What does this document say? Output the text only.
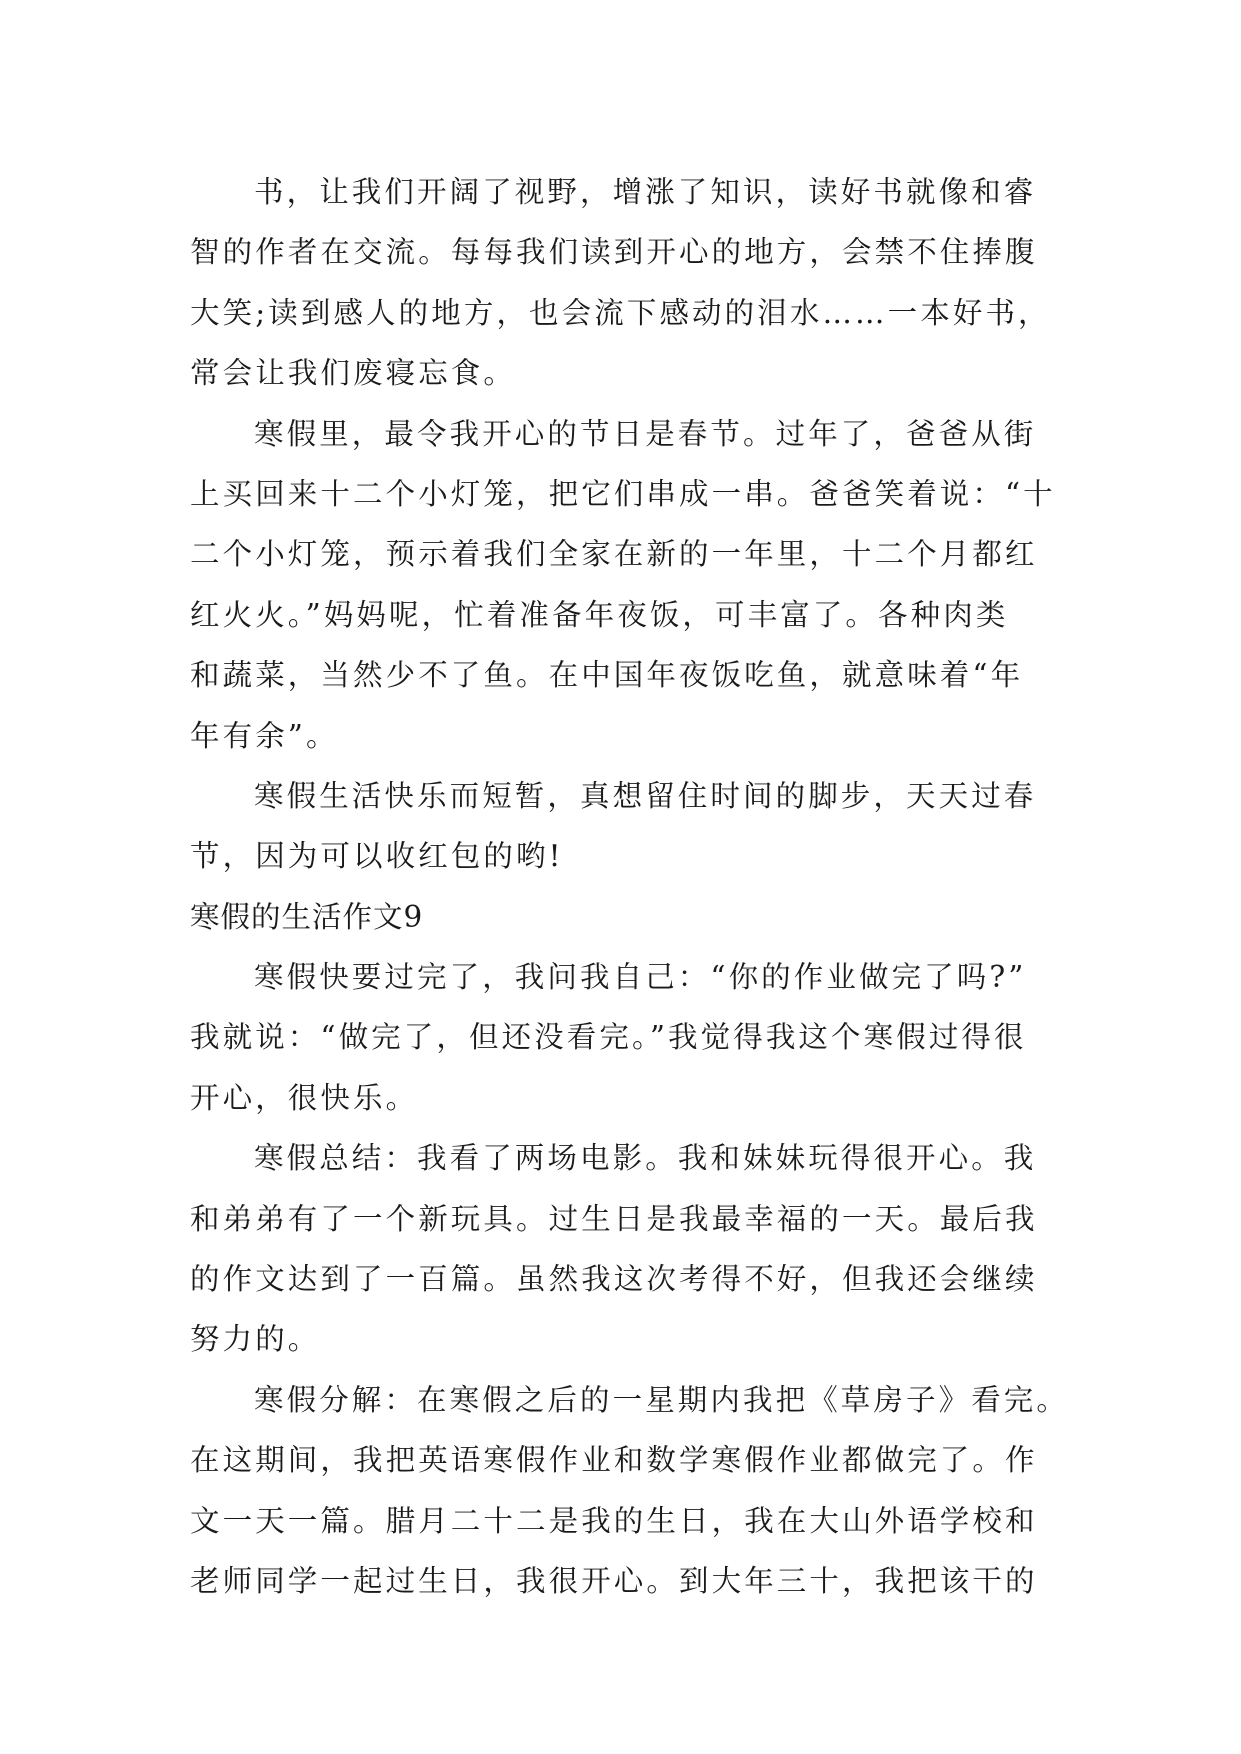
书，让我们开阔了视野，增涨了知识，读好书就像和睿
智的作者在交流。每每我们读到开心的地方，会禁不住捧腹
大笑;读到感人的地方，也会流下感动的泪水……一本好书，
常会让我们废寝忘食。
寒假里，最令我开心的节日是春节。过年了，爸爸从街
上买回来十二个小灯笼，把它们串成一串。爸爸笑着说：“十
二个小灯笼，预示着我们全家在新的一年里，十二个月都红
红火火。”妈妈呢，忙着准备年夜饭，可丰富了。各种肉类
和蔬菜，当然少不了鱼。在中国年夜饭吃鱼，就意味着“年
年有余”。
寒假生活快乐而短暂，真想留住时间的脚步，天天过春
节，因为可以收红包的哟!
寒假的生活作文9
寒假快要过完了，我问我自己：“你的作业做完了吗?”
我就说：“做完了，但还没看完。”我觉得我这个寒假过得很
开心，很快乐。
寒假总结：我看了两场电影。我和妹妹玩得很开心。我
和弟弟有了一个新玩具。过生日是我最幸福的一天。最后我
的作文达到了一百篇。虽然我这次考得不好，但我还会继续
努力的。
寒假分解：在寒假之后的一星期内我把《草房子》看完。
在这期间，我把英语寒假作业和数学寒假作业都做完了。作
文一天一篇。腊月二十二是我的生日，我在大山外语学校和
老师同学一起过生日，我很开心。到大年三十，我把该干的
